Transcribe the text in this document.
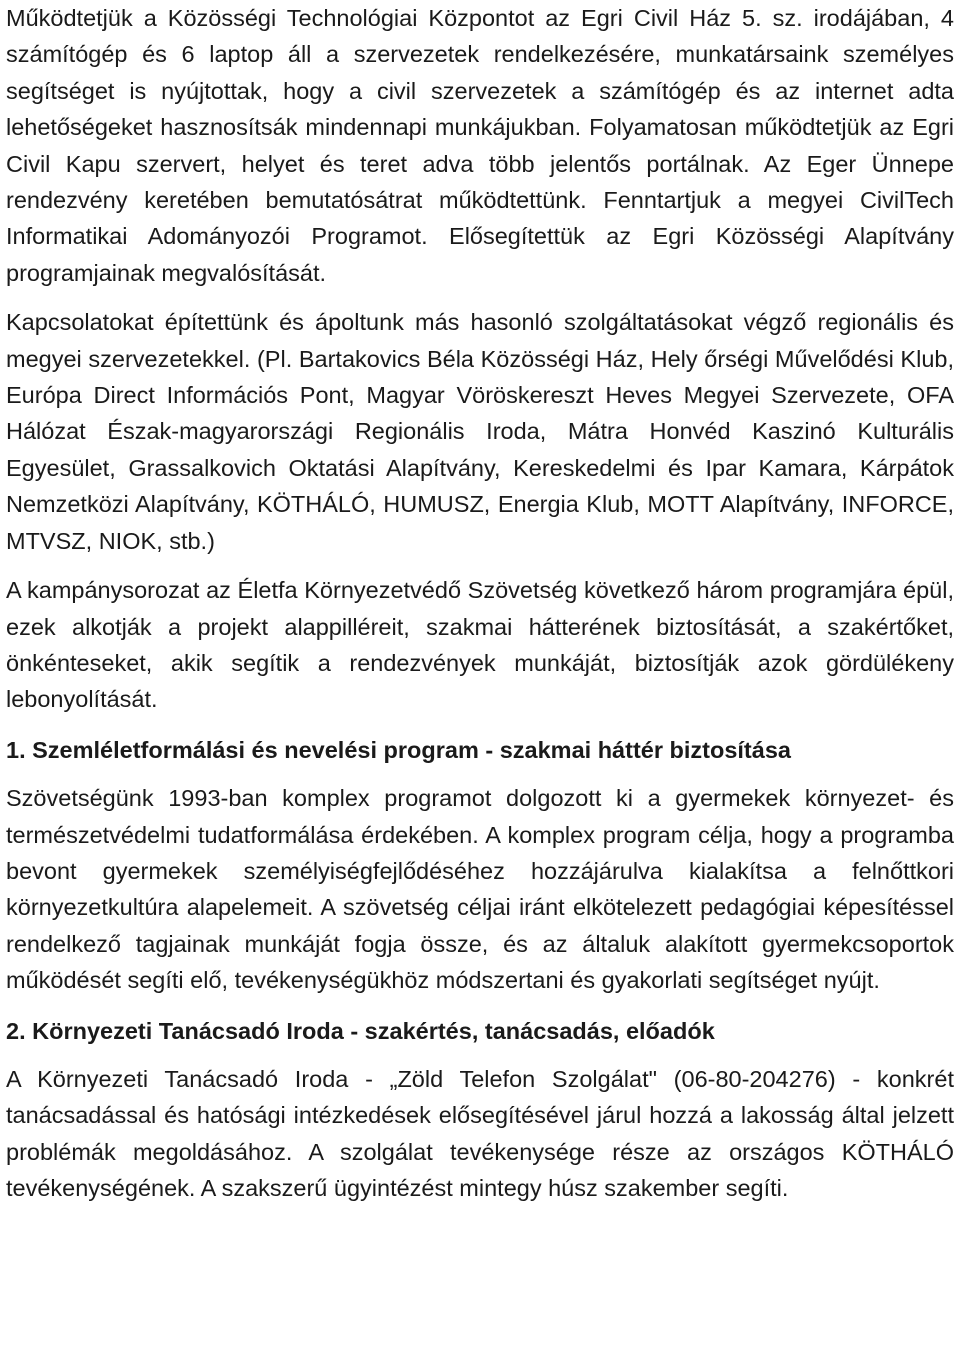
Működtetjük a Közösségi Technológiai Központot az Egri Civil Ház 5. sz. irodájában, 4 számítógép és 6 laptop áll a szervezetek rendelkezésére, munkatársaink személyes segítséget is nyújtottak, hogy a civil szervezetek a számítógép és az internet adta lehetőségeket hasznosítsák mindennapi munkájukban. Folyamatosan működtetjük az Egri Civil Kapu szervert, helyet és teret adva több jelentős portálnak. Az Eger Ünnepe rendezvény keretében bemutatósátrat működtettünk. Fenntartjuk a megyei CivilTech Informatikai Adományozói Programot. Elősegítettük az Egri Közösségi Alapítvány programjainak megvalósítását.

Kapcsolatokat építettünk és ápoltunk más hasonló szolgáltatásokat végző regionális és megyei szervezetekkel. (Pl. Bartakovics Béla Közösségi Ház, Hely őrségi Művelődési Klub, Európa Direct Információs Pont, Magyar Vöröskereszt Heves Megyei Szervezete, OFA Hálózat Észak-magyarországi Regionális Iroda, Mátra Honvéd Kaszinó Kulturális Egyesület, Grassalkovich Oktatási Alapítvány, Kereskedelmi és Ipar Kamara, Kárpátok Nemzetközi Alapítvány, KÖTHÁLÓ, HUMUSZ, Energia Klub, MOTT Alapítvány, INFORCE, MTVSZ, NIOK, stb.)

A kampánysorozat az Életfa Környezetvédő Szövetség következő három programjára épül, ezek alkotják a projekt alappilléreit, szakmai hátterének biztosítását, a szakértőket, önkénteseket, akik segítik a rendezvények munkáját, biztosítják azok gördülékeny lebonyolítását.

1. Szemléletformálási és nevelési program - szakmai háttér biztosítása

Szövetségünk 1993-ban komplex programot dolgozott ki a gyermekek környezet- és természetvédelmi tudatformálása érdekében. A komplex program célja, hogy a programba bevont gyermekek személyiségfejlődéséhez hozzájárulva kialakítsa a felnőttkori környezetkultúra alapelemeit. A szövetség céljai iránt elkötelezett pedagógiai képesítéssel rendelkező tagjainak munkáját fogja össze, és az általuk alakított gyermekcsoportok működését segíti elő, tevékenységükhöz módszertani és gyakorlati segítséget nyújt.

2. Környezeti Tanácsadó Iroda - szakértés, tanácsadás, előadók

A Környezeti Tanácsadó Iroda - „Zöld Telefon Szolgálat" (06-80-204276) - konkrét tanácsadással és hatósági intézkedések elősegítésével járul hozzá a lakosság által jelzett problémák megoldásához. A szolgálat tevékenysége része az országos KÖTHÁLÓ tevékenységének. A szakszerű ügyintézést mintegy húsz szakember segíti.
